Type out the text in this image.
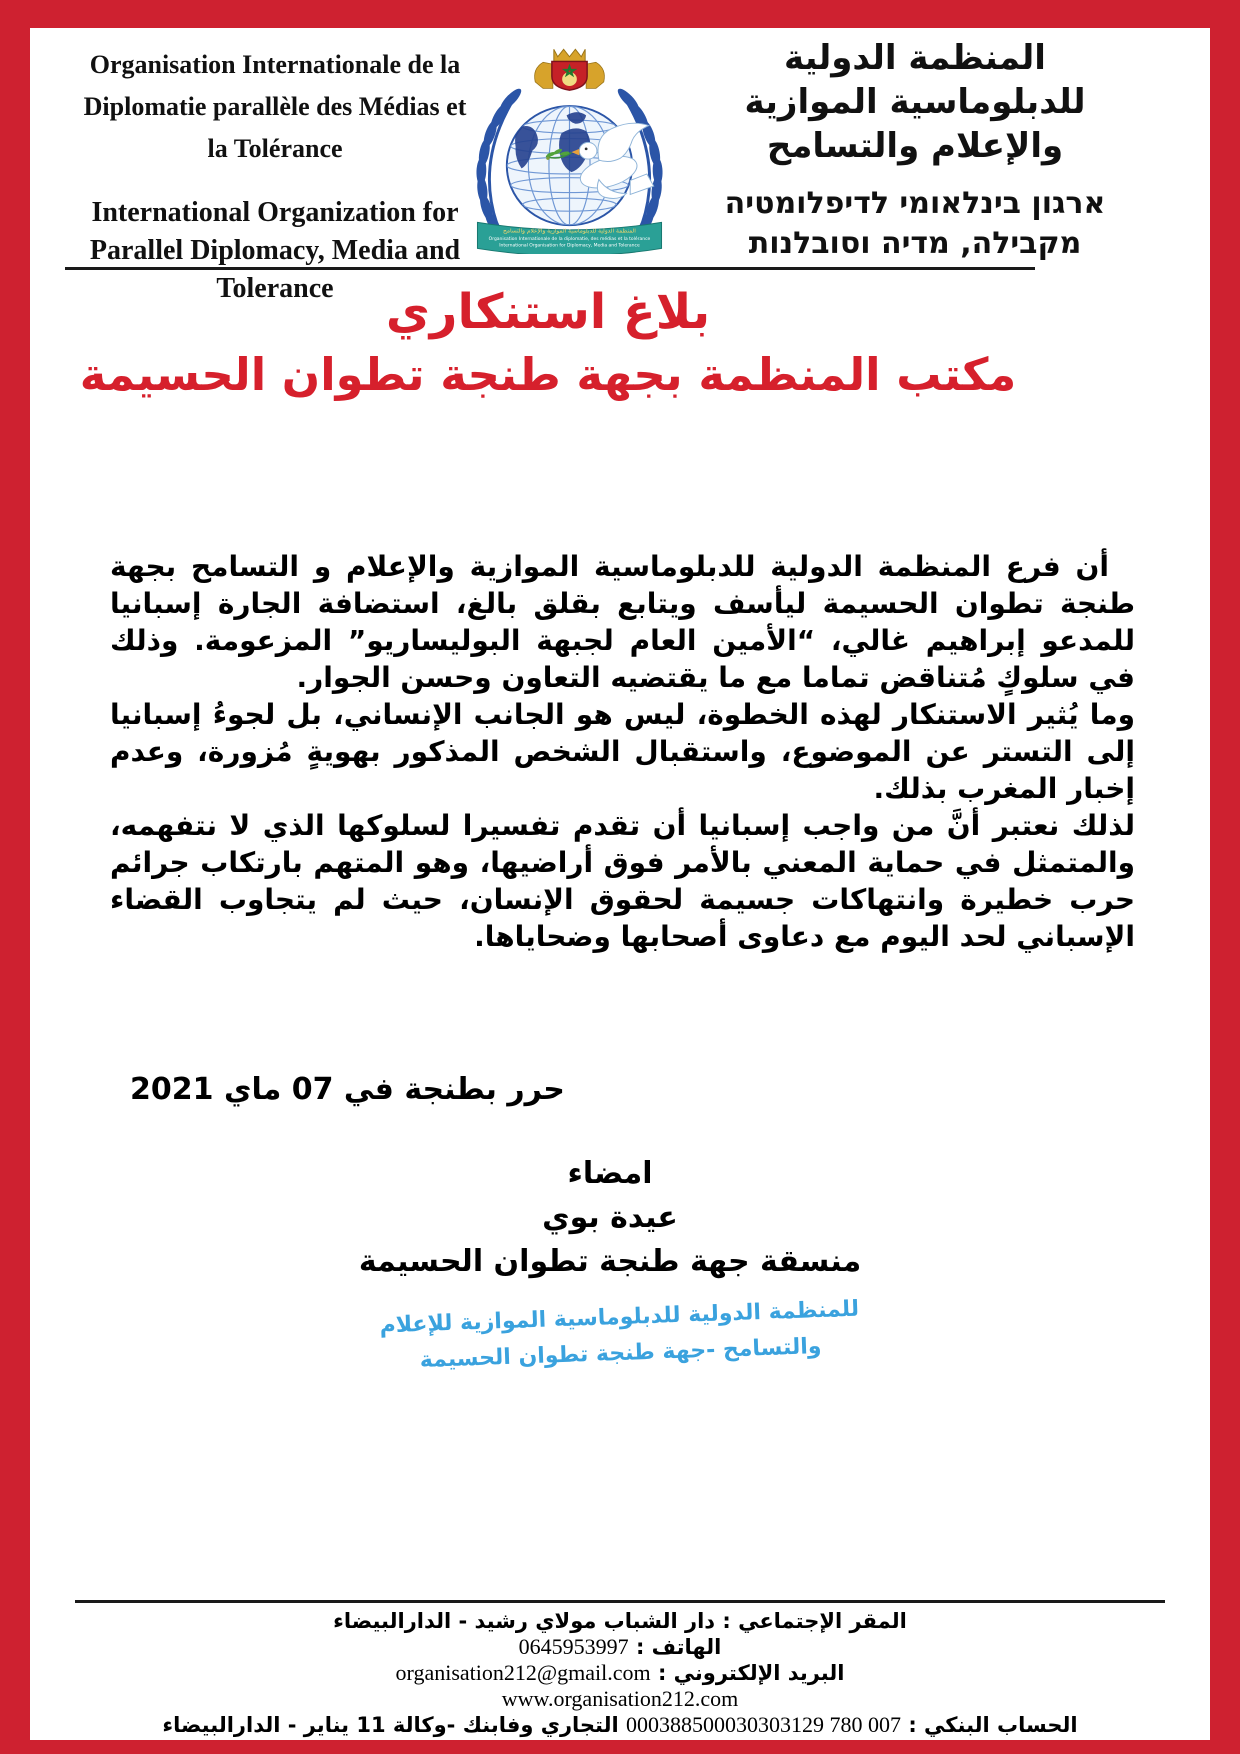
Organisation Internationale de la Diplomatie parallèle des Médias et la Tolérance
International Organization for Parallel Diplomacy, Media and Tolerance
المنظمة الدولية للدبلوماسية الموازية والإعلام والتسامح
Organisation Internationale de la diplomatie, des médias et la tolérance
International Organisation for Diplomacy, Media and Tolerance
المنظمة الدولية للدبلوماسية الموازية
والإعلام والتسامح
ארגון בינלאומי לדיפלומטיה
מקבילה, מדיה וסובלנות
بلاغ استنكاري
مكتب المنظمة بجهة طنجة تطوان الحسيمة

أن فرع المنظمة الدولية للدبلوماسية الموازية والإعلام و التسامح بجهة طنجة تطوان الحسيمة ليأسف ويتابع بقلق بالغ، استضافة الجارة إسبانيا للمدعو إبراهيم غالي، “الأمين العام لجبهة البوليساريو” المزعومة. وذلك في سلوكٍ مُتناقض تماما مع ما يقتضيه التعاون وحسن الجوار.

وما يُثير الاستنكار لهذه الخطوة، ليس هو الجانب الإنساني، بل لجوءُ إسبانيا إلى التستر عن الموضوع، واستقبال الشخص المذكور بهويةٍ مُزورة، وعدم إخبار المغرب بذلك.

لذلك نعتبر أنَّ من واجب إسبانيا أن تقدم تفسيرا لسلوكها الذي لا نتفهمه، والمتمثل في حماية المعني بالأمر فوق أراضيها، وهو المتهم بارتكاب جرائم حرب خطيرة وانتهاكات جسيمة لحقوق الإنسان، حيث لم يتجاوب القضاء الإسباني لحد اليوم مع دعاوى أصحابها وضحاياها.

حرر بطنجة في 07 ماي 2021
امضاء
عيدة بوي
منسقة جهة طنجة تطوان الحسيمة
للمنظمة الدولية للدبلوماسية الموازية للإعلام
والتسامح -جهة طنجة تطوان الحسيمة
المقر الإجتماعي : دار الشباب مولاي رشيد - الدارالبيضاء
الهاتف : 0645953997
البريد الإلكتروني : organisation212@gmail.com
www.organisation212.com
الحساب البنكي : 007 780 000388500030303129 التجاري وفابنك -وكالة 11 يناير - الدارالبيضاء
